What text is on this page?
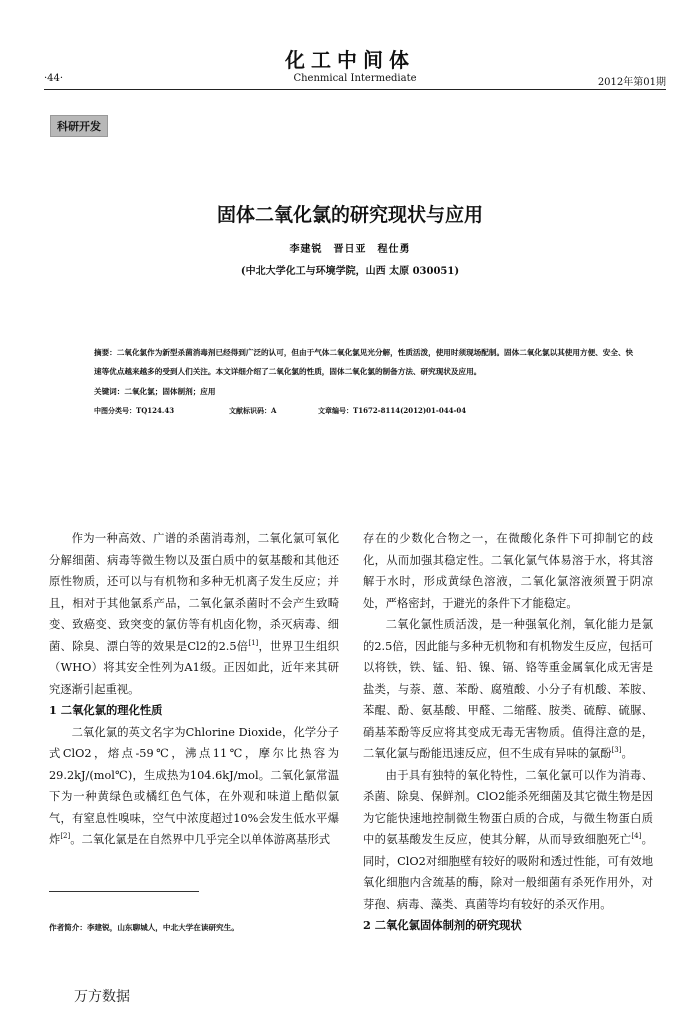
化工中间体
·44·	Chenmical Intermediate	2012年第01期
科研开发
固体二氧化氯的研究现状与应用
李建锐　晋日亚　程仕勇
(中北大学化工与环境学院，山西 太原 030051)
摘要：二氧化氯作为新型杀菌消毒剂已经得到广泛的认可，但由于气体二氧化氯见光分解，性质活泼，使用时须现场配制。固体二氧化氯以其使用方便、安全、快速等优点越来越多的受到人们关注。本文详细介绍了二氧化氯的性质，固体二氧化氯的制备方法、研究现状及应用。
关键词：二氧化氯；固体制剂；应用
中图分类号：TQ124.43	文献标识码：A	文章编号：T1672-8114(2012)01-044-04

作为一种高效、广谱的杀菌消毒剂，二氧化氯可氧化分解细菌、病毒等微生物以及蛋白质中的氨基酸和其他还原性物质，还可以与有机物和多种无机离子发生反应；并且，相对于其他氯系产品，二氧化氯杀菌时不会产生致畸变、致癌变、致突变的氯仿等有机卤化物，杀灭病毒、细菌、除臭、漂白等的效果是Cl2的2.5倍[1]，世界卫生组织（WHO）将其安全性列为A1级。正因如此，近年来其研究逐渐引起重视。

1 二氧化氯的理化性质

二氧化氯的英文名字为Chlorine Dioxide，化学分子式ClO2，熔点-59℃，沸点11℃，摩尔比热容为29.2kJ/(mol℃)，生成热为104.6kJ/mol。二氧化氯常温下为一种黄绿色或橘红色气体，在外观和味道上酷似氯气，有窒息性嗅味，空气中浓度超过10%会发生低水平爆炸[2]。二氧化氯是在自然界中几乎完全以单体游离基形式

存在的少数化合物之一，在微酸化条件下可抑制它的歧化，从而加强其稳定性。二氧化氯气体易溶于水，将其溶解于水时，形成黄绿色溶液，二氧化氯溶液须置于阴凉处，严格密封，于避光的条件下才能稳定。

二氧化氯性质活泼，是一种强氧化剂，氧化能力是氯的2.5倍，因此能与多种无机物和有机物发生反应，包括可以将铁，铁、锰、铅、镍、镉、铬等重金属氧化成无害是盐类，与萘、蒽、苯酚、腐殖酸、小分子有机酸、苯胺、苯醌、酚、氨基酸、甲醛、二缩醛、胺类、硫醇、硫脲、硝基苯酚等反应将其变成无毒无害物质。值得注意的是，二氧化氯与酚能迅速反应，但不生成有异味的氯酚[3]。

由于具有独特的氧化特性，二氧化氯可以作为消毒、杀菌、除臭、保鲜剂。ClO2能杀死细菌及其它微生物是因为它能快速地控制微生物蛋白质的合成，与微生物蛋白质中的氨基酸发生反应，使其分解，从而导致细胞死亡[4]。同时，ClO2对细胞壁有较好的吸附和透过性能，可有效地氧化细胞内含巯基的酶，除对一般细菌有杀死作用外，对芽孢、病毒、藻类、真菌等均有较好的杀灭作用。

2 二氧化氯固体制剂的研究现状
作者简介：李建锐，山东聊城人，中北大学在读研究生。
万方数据
